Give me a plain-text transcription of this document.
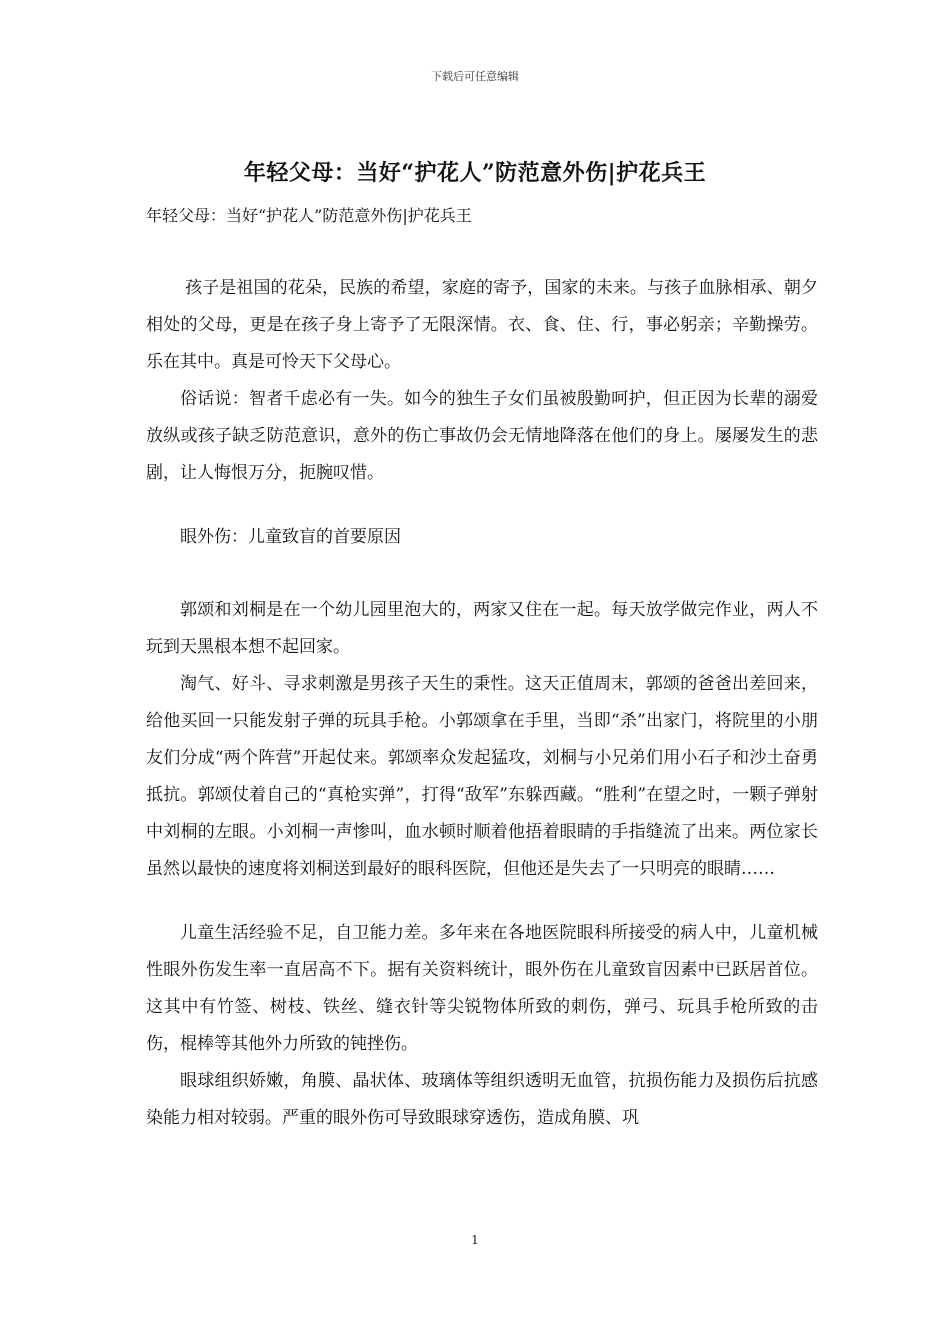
下载后可任意编辑
年轻父母：当好“护花人”防范意外伤|护花兵王
年轻父母：当好“护花人”防范意外伤|护花兵王

孩子是祖国的花朵，民族的希望，家庭的寄予，国家的未来。与孩子血脉相承、朝夕相处的父母，更是在孩子身上寄予了无限深情。衣、食、住、行，事必躬亲；辛勤操劳。乐在其中。真是可怜天下父母心。

俗话说：智者千虑必有一失。如今的独生子女们虽被殷勤呵护，但正因为长辈的溺爱放纵或孩子缺乏防范意识，意外的伤亡事故仍会无情地降落在他们的身上。屡屡发生的悲剧，让人悔恨万分，扼腕叹惜。

眼外伤：儿童致盲的首要原因

郭颂和刘桐是在一个幼儿园里泡大的，两家又住在一起。每天放学做完作业，两人不玩到天黑根本想不起回家。

淘气、好斗、寻求刺激是男孩子天生的秉性。这天正值周末，郭颂的爸爸出差回来，给他买回一只能发射子弹的玩具手枪。小郭颂拿在手里，当即“杀”出家门，将院里的小朋友们分成“两个阵营”开起仗来。郭颂率众发起猛攻，刘桐与小兄弟们用小石子和沙土奋勇抵抗。郭颂仗着自己的“真枪实弹”，打得“敌军”东躲西藏。“胜利”在望之时，一颗子弹射中刘桐的左眼。小刘桐一声惨叫，血水顿时顺着他捂着眼睛的手指缝流了出来。两位家长虽然以最快的速度将刘桐送到最好的眼科医院，但他还是失去了一只明亮的眼睛……

儿童生活经验不足，自卫能力差。多年来在各地医院眼科所接受的病人中，儿童机械性眼外伤发生率一直居高不下。据有关资料统计，眼外伤在儿童致盲因素中已跃居首位。这其中有竹签、树枝、铁丝、缝衣针等尖锐物体所致的刺伤，弹弓、玩具手枪所致的击伤，棍棒等其他外力所致的钝挫伤。

眼球组织娇嫩，角膜、晶状体、玻璃体等组织透明无血管，抗损伤能力及损伤后抗感染能力相对较弱。严重的眼外伤可导致眼球穿透伤，造成角膜、巩

1
